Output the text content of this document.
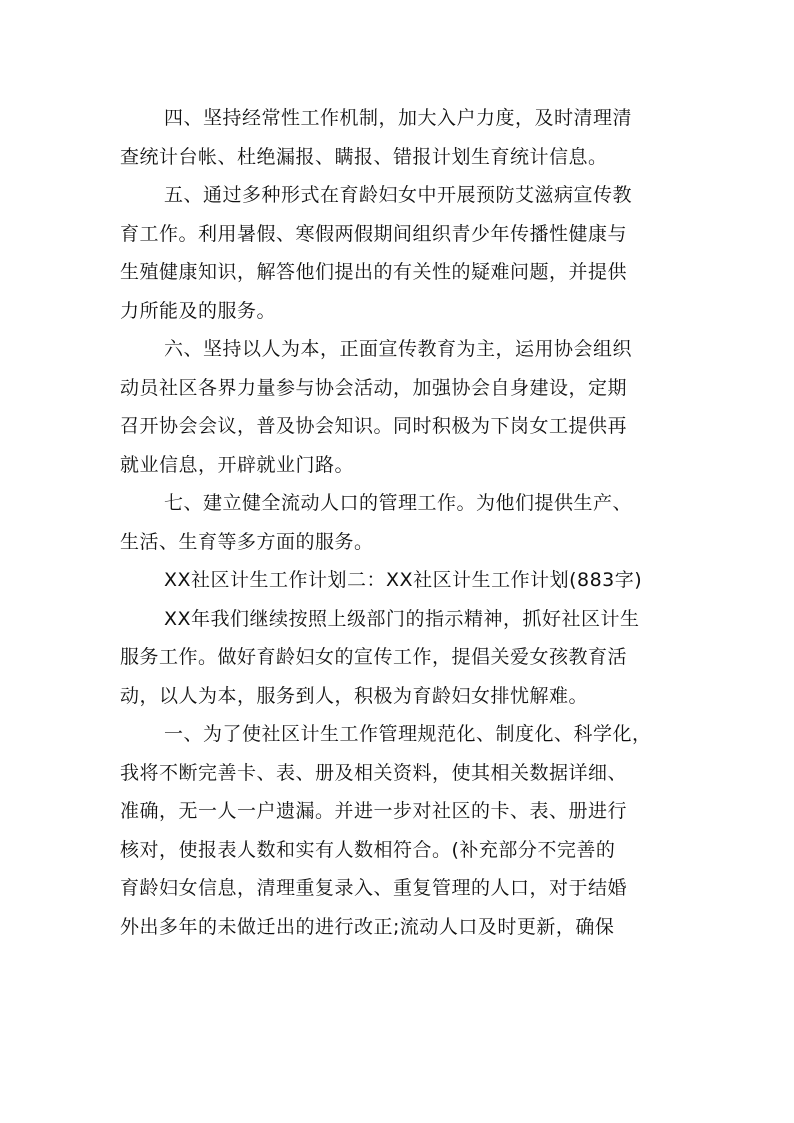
四、坚持经常性工作机制，加大入户力度，及时清理清
查统计台帐、杜绝漏报、瞒报、错报计划生育统计信息。
五、通过多种形式在育龄妇女中开展预防艾滋病宣传教
育工作。利用暑假、寒假两假期间组织青少年传播性健康与
生殖健康知识，解答他们提出的有关性的疑难问题，并提供
力所能及的服务。
六、坚持以人为本，正面宣传教育为主，运用协会组织
动员社区各界力量参与协会活动，加强协会自身建设，定期
召开协会会议，普及协会知识。同时积极为下岗女工提供再
就业信息，开辟就业门路。
七、建立健全流动人口的管理工作。为他们提供生产、
生活、生育等多方面的服务。
XX社区计生工作计划二：XX社区计生工作计划(883字)
XX年我们继续按照上级部门的指示精神，抓好社区计生
服务工作。做好育龄妇女的宣传工作，提倡关爱女孩教育活
动，以人为本，服务到人，积极为育龄妇女排忧解难。
一、为了使社区计生工作管理规范化、制度化、科学化，
我将不断完善卡、表、册及相关资料，使其相关数据详细、
准确，无一人一户遗漏。并进一步对社区的卡、表、册进行
核对，使报表人数和实有人数相符合。(补充部分不完善的
育龄妇女信息，清理重复录入、重复管理的人口，对于结婚
外出多年的未做迁出的进行改正;流动人口及时更新，确保
